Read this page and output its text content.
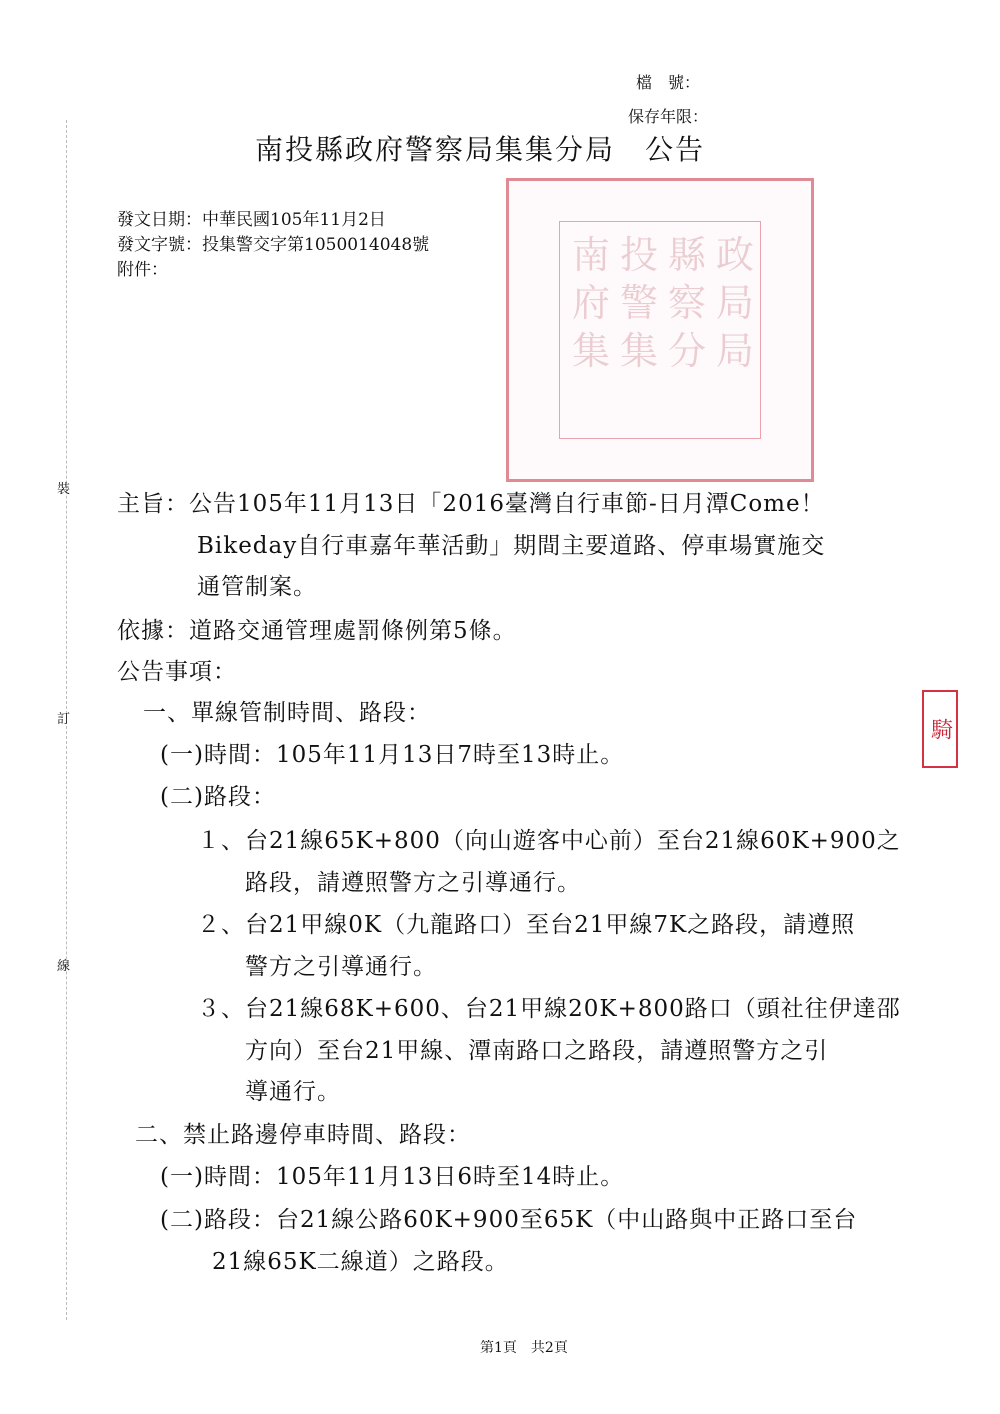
裝
訂
線
檔　號：
保存年限：
南投縣政府警察局集集分局　公告
南 投 縣 政
府 警 察 局
集 集 分 局
發文日期：中華民國105年11月2日
發文字號：投集警交字第1050014048號
附件：
騎
主旨：公告105年11月13日「2016臺灣自行車節-日月潭Come！
Bikeday自行車嘉年華活動」期間主要道路、停車場實施交
通管制案。
依據：道路交通管理處罰條例第5條。
公告事項：
一、單線管制時間、路段：
(一)時間：105年11月13日7時至13時止。
(二)路段：
１、台21線65K+800（向山遊客中心前）至台21線60K+900之
路段，請遵照警方之引導通行。
２、台21甲線0K（九龍路口）至台21甲線7K之路段，請遵照
警方之引導通行。
３、台21線68K+600、台21甲線20K+800路口（頭社往伊達邵
方向）至台21甲線、潭南路口之路段，請遵照警方之引
導通行。
二、禁止路邊停車時間、路段：
(一)時間：105年11月13日6時至14時止。
(二)路段：台21線公路60K+900至65K（中山路與中正路口至台
21線65K二線道）之路段。
第1頁　共2頁
